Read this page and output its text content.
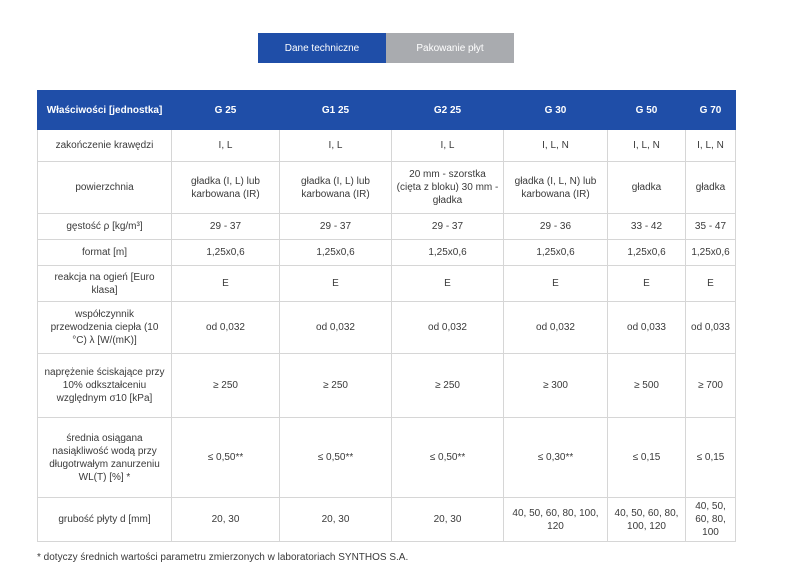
Dane techniczne	Pakowanie płyt
Właściwości [jednostka]	G 25	G1 25	G2 25	G 30	G 50	G 70
zakończenie krawędzi	I, L	I, L	I, L	I, L, N	I, L, N	I, L, N
powierzchnia	gładka (I, L) lub karbowana (IR)	gładka (I, L) lub karbowana (IR)	20 mm - szorstka (cięta z bloku) 30 mm - gładka	gładka (I, L, N) lub karbowana (IR)	gładka	gładka
gęstość ρ [kg/m³]	29 - 37	29 - 37	29 - 37	29 - 36	33 - 42	35 - 47
format [m]	1,25x0,6	1,25x0,6	1,25x0,6	1,25x0,6	1,25x0,6	1,25x0,6
reakcja na ogień [Euro klasa]	E	E	E	E	E	E
współczynnik przewodzenia ciepła (10 °C) λ [W/(mK)]	od 0,032	od 0,032	od 0,032	od 0,032	od 0,033	od 0,033
naprężenie ściskające przy 10% odkształceniu względnym σ10 [kPa]	≥ 250	≥ 250	≥ 250	≥ 300	≥ 500	≥ 700
średnia osiągana nasiąkliwość wodą przy długotrwałym zanurzeniu WL(T) [%] *	≤ 0,50**	≤ 0,50**	≤ 0,50**	≤ 0,30**	≤ 0,15	≤ 0,15
grubość płyty d [mm]	20, 30	20, 30	20, 30	40, 50, 60, 80, 100, 120	40, 50, 60, 80, 100, 120	40, 50, 60, 80, 100
* dotyczy średnich wartości parametru zmierzonych w laboratoriach SYNTHOS S.A.
